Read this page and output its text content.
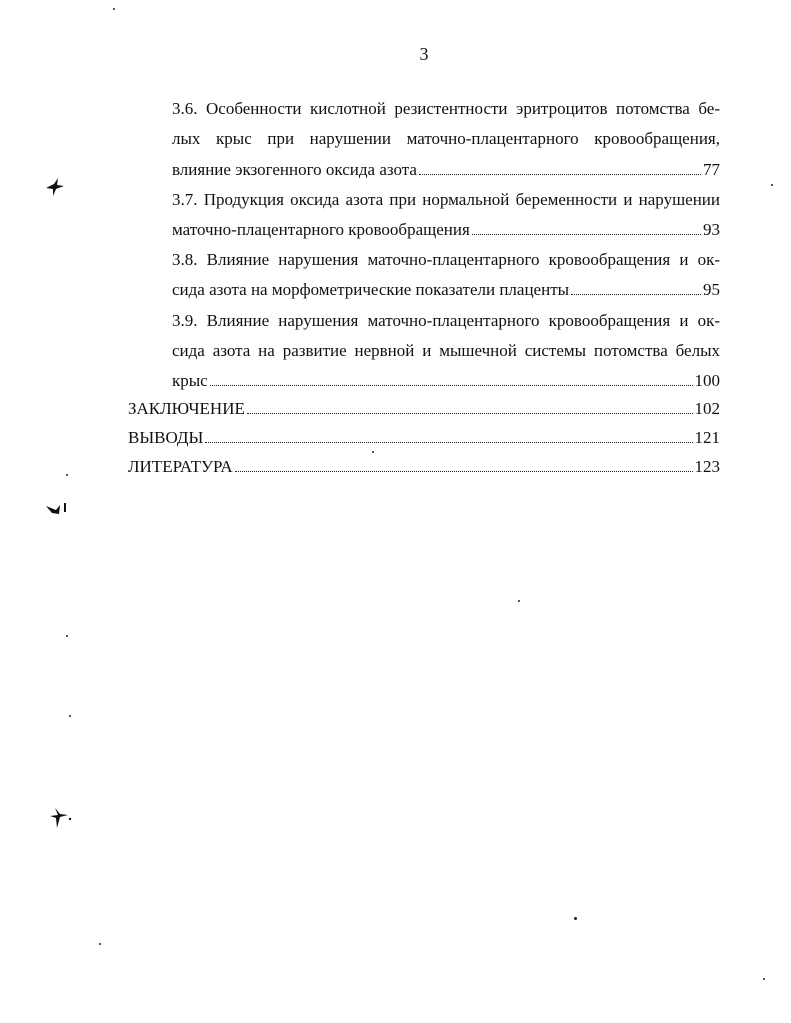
3
3.6. Особенности кислотной резистентности эритроцитов потомства бе-
лых крыс при нарушении маточно-плацентарного кровообращения,
влияние экзогенного оксида азота	77
3.7. Продукция оксида азота при нормальной беременности и нарушении
маточно-плацентарного кровообращения	93
3.8. Влияние нарушения маточно-плацентарного кровообращения и ок-
сида азота на морфометрические показатели плаценты	95
3.9. Влияние нарушения маточно-плацентарного кровообращения и ок-
сида азота на развитие нервной и мышечной системы потомства белых
крыс	100
ЗАКЛЮЧЕНИЕ	102
ВЫВОДЫ	121
ЛИТЕРАТУРА	123
